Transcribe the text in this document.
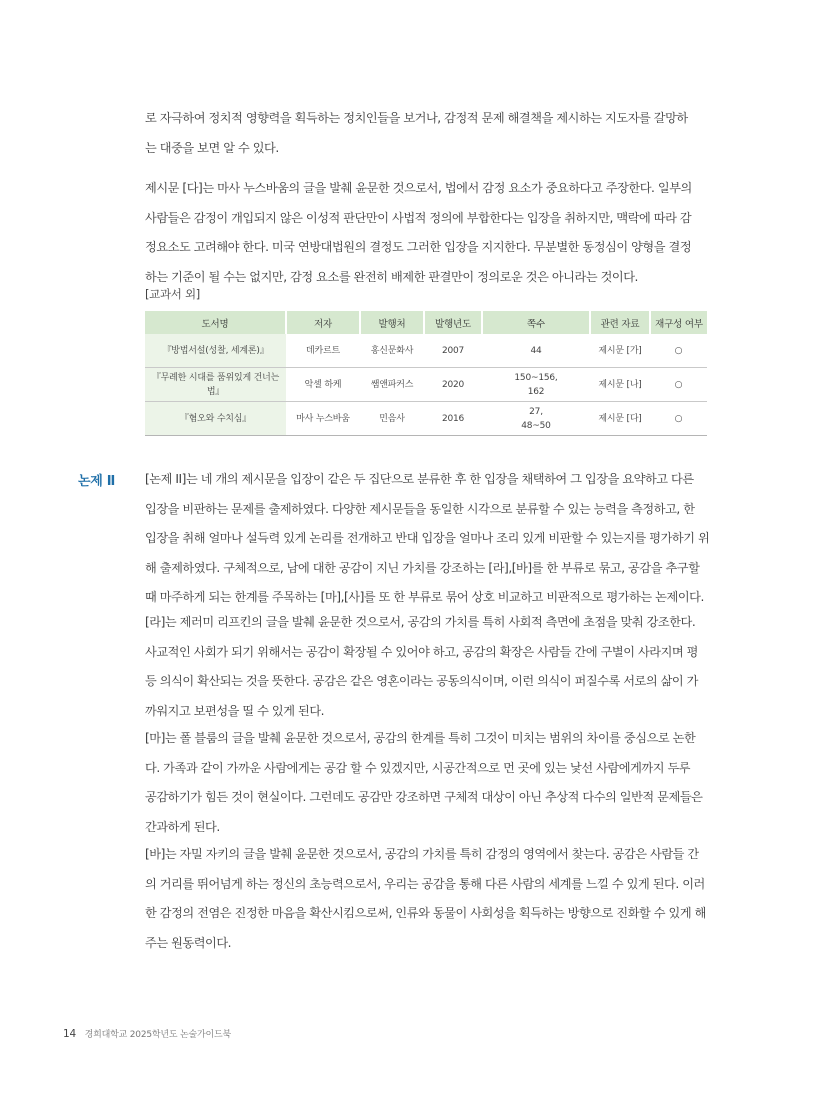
로 자극하여 정치적 영향력을 획득하는 정치인들을 보거나, 감정적 문제 해결책을 제시하는 지도자를 갈망하
는 대중을 보면 알 수 있다.
제시문 [다]는 마사 누스바움의 글을 발췌 윤문한 것으로서, 법에서 감정 요소가 중요하다고 주장한다. 일부의
사람들은 감정이 개입되지 않은 이성적 판단만이 사법적 정의에 부합한다는 입장을 취하지만, 맥락에 따라 감
정요소도 고려해야 한다. 미국 연방대법원의 결정도 그러한 입장을 지지한다. 무분별한 동정심이 양형을 결정
하는 기준이 될 수는 없지만, 감정 요소를 완전히 배제한 판결만이 정의로운 것은 아니라는 것이다.
[교과서 외]
도서명	저자	발행처	발행년도	쪽수	관련 자료	재구성 여부
『방법서설(성찰, 세계론)』	데카르트	홍신문화사	2007	44	제시문 [가]	○
『무례한 시대를 품위있게 건너는 법』	악셀 하케	쌤앤파커스	2020	150~156,
162	제시문 [나]	○
『혐오와 수치심』	마사 누스바움	민음사	2016	27,
48~50	제시문 [다]	○
논제 Ⅱ [논제 II]는 네 개의 제시문을 입장이 같은 두 집단으로 분류한 후 한 입장을 채택하여 그 입장을 요약하고 다른
입장을 비판하는 문제를 출제하였다. 다양한 제시문들을 동일한 시각으로 분류할 수 있는 능력을 측정하고, 한
입장을 취해 얼마나 설득력 있게 논리를 전개하고 반대 입장을 얼마나 조리 있게 비판할 수 있는지를 평가하기 위
해 출제하였다. 구체적으로, 남에 대한 공감이 지닌 가치를 강조하는 [라],[바]를 한 부류로 묶고, 공감을 추구할
때 마주하게 되는 한계를 주목하는 [마],[사]를 또 한 부류로 묶어 상호 비교하고 비판적으로 평가하는 논제이다.
[라]는 제러미 리프킨의 글을 발췌 윤문한 것으로서, 공감의 가치를 특히 사회적 측면에 초점을 맞춰 강조한다.
사교적인 사회가 되기 위해서는 공감이 확장될 수 있어야 하고, 공감의 확장은 사람들 간에 구별이 사라지며 평
등 의식이 확산되는 것을 뜻한다. 공감은 같은 영혼이라는 공동의식이며, 이런 의식이 퍼질수록 서로의 삶이 가
까워지고 보편성을 띨 수 있게 된다.
[마]는 폴 블룸의 글을 발췌 윤문한 것으로서, 공감의 한계를 특히 그것이 미치는 범위의 차이를 중심으로 논한
다. 가족과 같이 가까운 사람에게는 공감 할 수 있겠지만, 시공간적으로 먼 곳에 있는 낯선 사람에게까지 두루
공감하기가 힘든 것이 현실이다. 그런데도 공감만 강조하면 구체적 대상이 아닌 추상적 다수의 일반적 문제들은
간과하게 된다.
[바]는 자밀 자키의 글을 발췌 윤문한 것으로서, 공감의 가치를 특히 감정의 영역에서 찾는다. 공감은 사람들 간
의 거리를 뛰어넘게 하는 정신의 초능력으로서, 우리는 공감을 통해 다른 사람의 세계를 느낄 수 있게 된다. 이러
한 감정의 전염은 진정한 마음을 확산시킴으로써, 인류와 동물이 사회성을 획득하는 방향으로 진화할 수 있게 해
주는 원동력이다.
14 경희대학교 2025학년도 논술가이드북
